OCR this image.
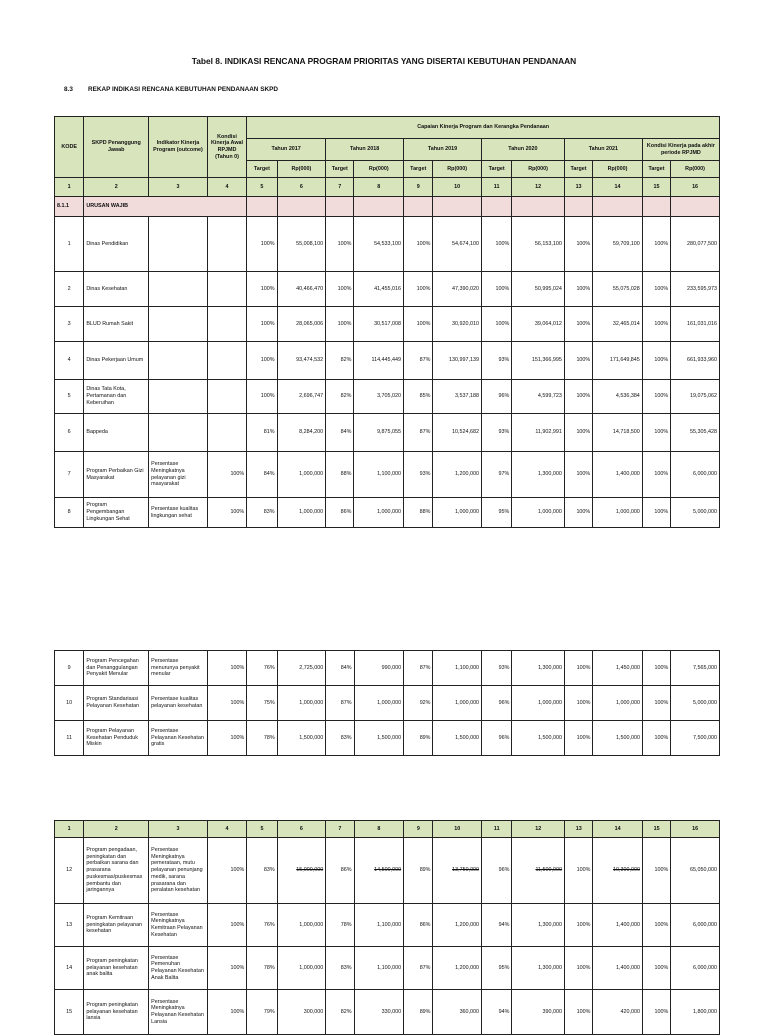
Tabel 8. INDIKASI RENCANA PROGRAM PRIORITAS YANG DISERTAI KEBUTUHAN PENDANAAN
8.3 REKAP INDIKASI RENCANA KEBUTUHAN PENDANAAN SKPD
KODE	SKPD Penanggung Jawab	Indikator Kinerja Program (outcome)	Kondisi Kinerja Awal RPJMD (Tahun 0)	Capaian Kinerja Program dan Kerangka Pendanaan											
				Tahun 2017		Tahun 2018		Tahun 2019		Tahun 2020		Tahun 2021		Kondisi Kinerja pada akhir periode RPJMD	
				Target	Rp(000)	Target	Rp(000)	Target	Rp(000)	Target	Rp(000)	Target	Rp(000)	Target	Rp(000)
1	2	3	4	5	6	7	8	9	10	11	12	13	14	15	16
8.1.1	URUSAN WAJIB														
1	Dinas Pendidikan			100%	55,008,100	100%	54,533,100	100%	54,674,100	100%	56,153,100	100%	59,709,100	100%	280,077,500
2	Dinas Kesehatan			100%	40,466,470	100%	41,455,016	100%	47,390,020	100%	50,995,024	100%	55,075,028	100%	233,595,973
3	BLUD Rumah Sakit			100%	28,065,006	100%	30,517,008	100%	30,920,010	100%	39,064,012	100%	32,465,014	100%	161,031,016
4	Dinas Pekerjaan Umum			100%	93,474,532	82%	114,445,449	87%	130,997,139	93%	151,366,995	100%	171,649,845	100%	661,933,960
5	Dinas Tata Kota, Pertamanan dan Keberuihan			100%	2,696,747	82%	3,705,020	85%	3,537,188	96%	4,599,723	100%	4,536,384	100%	19,075,062
6	Bappeda			81%	8,284,200	84%	9,875,055	87%	10,524,682	93%	11,902,991	100%	14,718,500	100%	55,305,428
7	Program Perbaikan Gizi Masyarakat	Persentase Meningkatnya pelayanan gizi masyarakat	100%	84%	1,000,000	88%	1,100,000	93%	1,200,000	97%	1,300,000	100%	1,400,000	100%	6,000,000
8	Program Pengembangan Lingkungan Sehat	Persentase kualitas lingkungan sehat	100%	83%	1,000,000	86%	1,000,000	88%	1,000,000	95%	1,000,000	100%	1,000,000	100%	5,000,000
9	Program Pencegahan dan Penanggulangan Penyakit Menular	Persentase menurunya penyakit menular	100%	76%	2,725,000	84%	990,000	87%	1,100,000	93%	1,300,000	100%	1,450,000	100%	7,565,000
10	Program Standarisasi Pelayanan Kesehatan	Persentase kualitas pelayanan kesehatan	100%	75%	1,000,000	87%	1,000,000	92%	1,000,000	96%	1,000,000	100%	1,000,000	100%	5,000,000
11	Program Pelayanan Kesehatan Penduduk Miskin	Persentase Pelayanan Kesehatan gratis	100%	78%	1,500,000	83%	1,500,000	89%	1,500,000	96%	1,500,000	100%	1,500,000	100%	7,500,000
1	2	3	4	5	6	7	8	9	10	11	12	13	14	15	16
12	Program pengadaan, peningkatan dan perbaikan sarana dan prasarana puskesmas/puskesmas pembantu dan jaringannya	Persentase Meningkatnya pemerataan, mutu pelayanan penunjang medik, sarana prasarana dan peralatan kesehatan	100%	83%	15,000,000	86%	14,500,000	89%	13,750,000	96%	11,500,000	100%	10,300,000	100%	65,050,000
13	Program Kemitraan peningkatan pelayanan kesehatan	Persentase Meningkatnya Kemitraan Pelayanan Kesehatan	100%	76%	1,000,000	78%	1,100,000	86%	1,200,000	94%	1,300,000	100%	1,400,000	100%	6,000,000
14	Program peningkatan pelayanan kesehatan anak balita	Persentase Pemenuhan Pelayanan Kesehatan Anak Balita	100%	78%	1,000,000	83%	1,100,000	87%	1,200,000	95%	1,300,000	100%	1,400,000	100%	6,000,000
15	Program peningkatan pelayanan kesehatan lansia	Persentase Meningkatnya Pelayanan Kesehatan Lansia	100%	79%	300,000	82%	330,000	89%	360,000	94%	390,000	100%	420,000	100%	1,800,000
